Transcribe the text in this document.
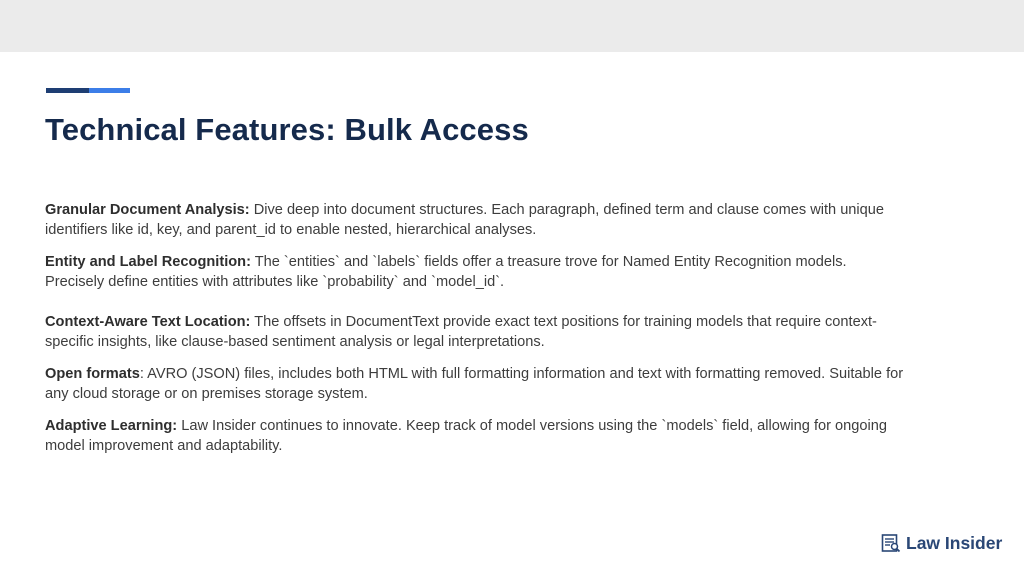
Technical Features: Bulk Access

Granular Document Analysis: Dive deep into document structures. Each paragraph, defined term and clause comes with unique identifiers like id, key, and parent_id to enable nested, hierarchical analyses.

Entity and Label Recognition: The `entities` and `labels` fields offer a treasure trove for Named Entity Recognition models. Precisely define entities with attributes like `probability` and `model_id`.

Context-Aware Text Location: The offsets in DocumentText provide exact text positions for training models that require context-specific insights, like clause-based sentiment analysis or legal interpretations.

Open formats: AVRO (JSON) files, includes both HTML with full formatting information and text with formatting removed. Suitable for any cloud storage or on premises storage system.

Adaptive Learning: Law Insider continues to innovate. Keep track of model versions using the `models` field, allowing for ongoing model improvement and adaptability.

Law Insider
